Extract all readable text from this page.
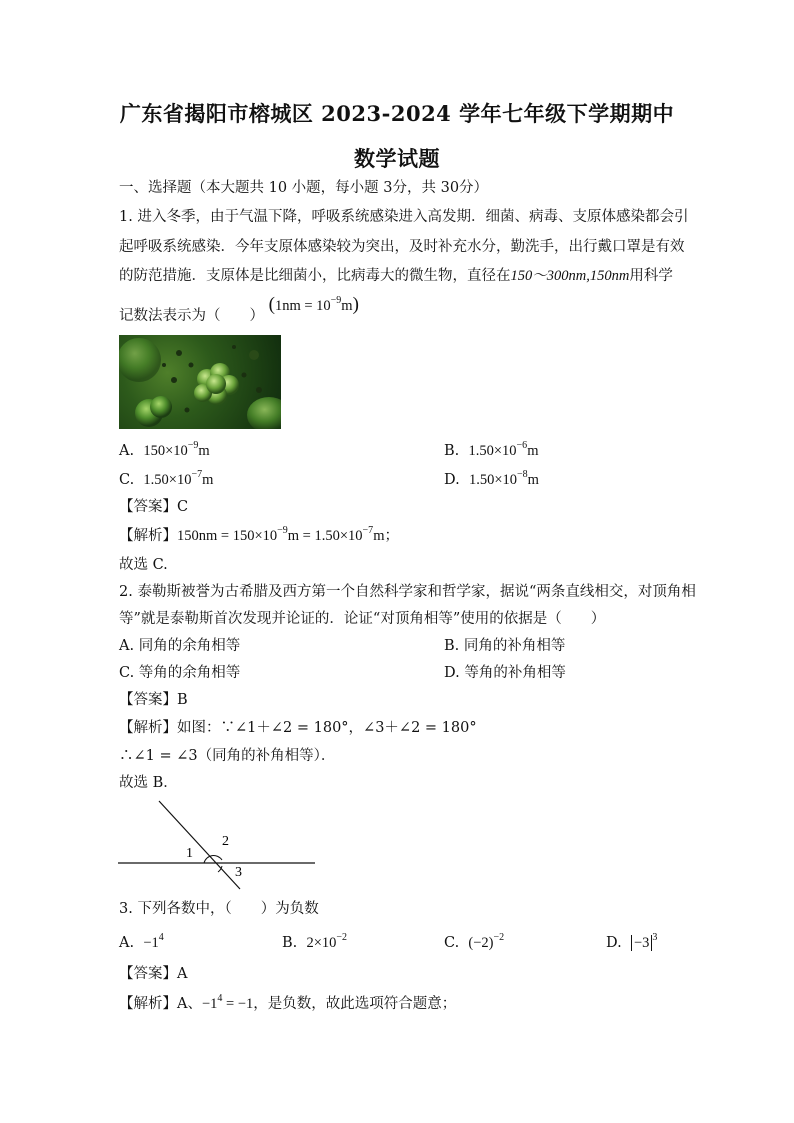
广东省揭阳市榕城区 2023-2024 学年七年级下学期期中
数学试题
一、选择题（本大题共 10 小题，每小题 3分，共 30分）
1. 进入冬季，由于气温下降，呼吸系统感染进入高发期．细菌、病毒、支原体感染都会引
起呼吸系统感染．今年支原体感染较为突出，及时补充水分，勤洗手，出行戴口罩是有效
的防范措施．支原体是比细菌小，比病毒大的微生物，直径在150～300nm,150nm用科学
记数法表示为（　　） $(1nm = 10^{-9}m)$
A. $150\times 10^{-9}m$	B. $1.50\times 10^{-6}m$
C. $1.50\times 10^{-7}m$	D. $1.50\times 10^{-8}m$
【答案】C
【解析】$150nm = 150\times 10^{-9}m = 1.50\times 10^{-7}m$；
故选 C.
2. 泰勒斯被誉为古希腊及西方第一个自然科学家和哲学家，据说“两条直线相交，对顶角相
等”就是泰勒斯首次发现并论证的．论证“对顶角相等”使用的依据是（　　）
A. 同角的余角相等	B. 同角的补角相等
C. 等角的余角相等	D. 等角的补角相等
【答案】B
【解析】如图：∵∠1＋∠2 = 180°，∠3＋∠2 = 180°
∴∠1 = ∠3（同角的补角相等）．
故选 B．
1
2
3
3. 下列各数中，（　　）为负数
A. $-1^4$	B. $2\times 10^{-2}$	C. $(-2)^{-2}$	D. −3 $^3$
【答案】A
【解析】A、$-1^4 = -1$，是负数，故此选项符合题意；
